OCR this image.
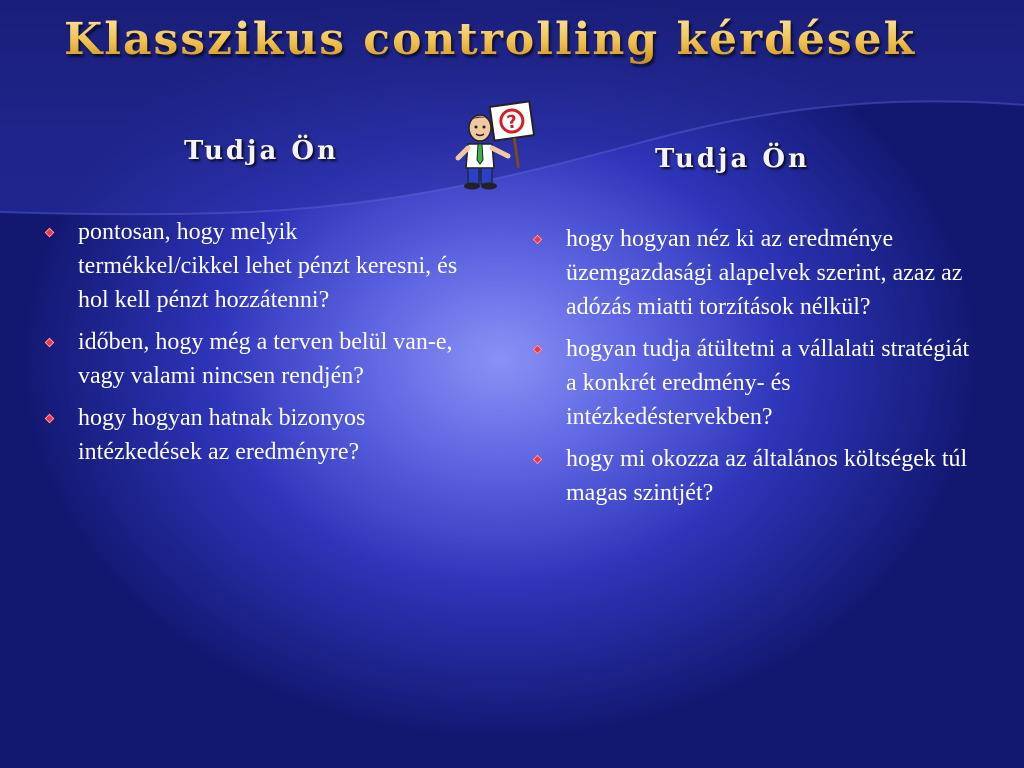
Klasszikus controlling kérdések
Tudja Ön	Tudja Ön
?
pontosan, hogy melyik termékkel/cikkel lehet pénzt keresni, és hol kell pénzt hozzátenni?
időben, hogy még a terven belül van-e, vagy valami nincsen rendjén?
hogy hogyan hatnak bizonyos intézkedések az eredményre?
hogy hogyan néz ki az eredménye üzemgazdasági alapelvek szerint, azaz az adózás miatti torzítások nélkül?
hogyan tudja átültetni a vállalati stratégiát a konkrét eredmény- és intézkedéstervekben?
hogy mi okozza az általános költségek túl magas szintjét?
